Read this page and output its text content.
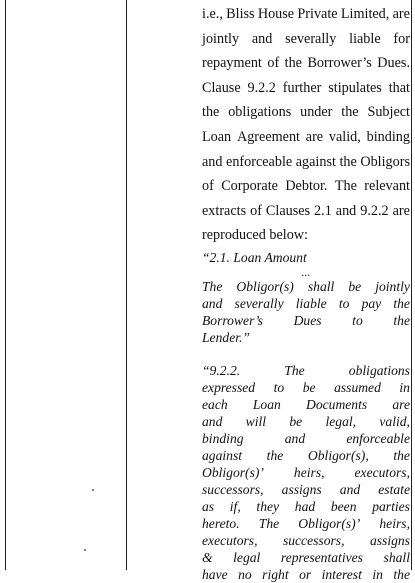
i.e., Bliss House Private Limited, are
jointly and severally liable for
repayment of the Borrower’s Dues.
Clause 9.2.2 further stipulates that
the obligations under the Subject
Loan Agreement are valid, binding
and enforceable against the Obligors
of Corporate Debtor. The relevant
extracts of Clauses 2.1 and 9.2.2 are
reproduced below:
“2.1. Loan Amount
...
The Obligor(s) shall be jointly
and severally liable to pay the
Borrower’s Dues to the
Lender.”
“9.2.2.	The	obligations
expressed to be assumed in
each Loan Documents are
and will be legal, valid,
binding	and	enforceable
against the Obligor(s), the
Obligor(s)’ heirs, executors,
successors, assigns and estate
as if, they had been parties
hereto. The Obligor(s)’ heirs,
executors, successors, assigns
& legal representatives shall
have no right or interest in the
